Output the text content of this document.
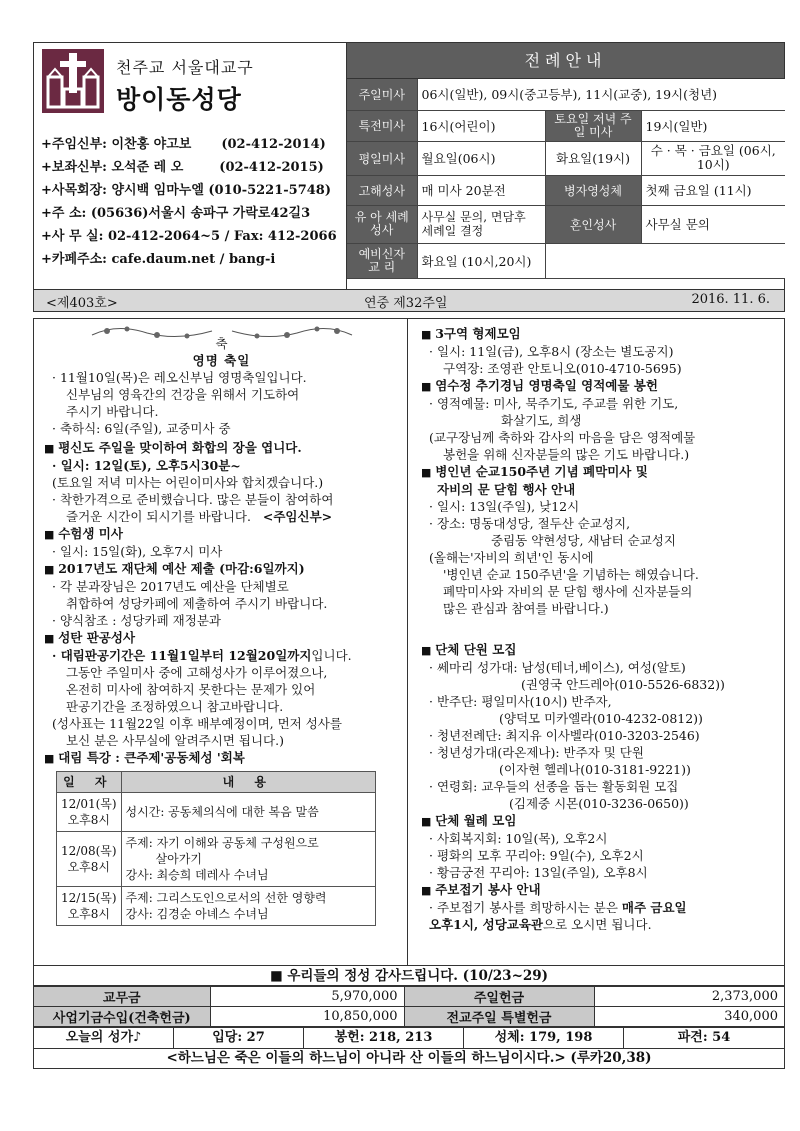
천주교 서울대교구
방이동성당
+주임신부: 이찬홍 야고보 (02-412-2014)
+보좌신부: 오석준 레 오	(02-412-2015)
+사목회장: 양시백 임마누엘 (010-5221-5748)
+주 소: (05636)서울시 송파구 가락로42길3
+사 무 실: 02-412-2064~5 / Fax: 412-2066
+카페주소: cafe.daum.net / bang-i
전례안내
주일미사	06시(일반), 09시(중고등부), 11시(교중), 19시(청년)		
특전미사	16시(어린이)	토요일 저녁 주일 미사	19시(일반)
평일미사	월요일(06시)	화요일(19시)	수 · 목 · 금요일 (06시, 10시)
고해성사	매 미사 20분전	병자영성체	첫째 금요일 (11시)
유 아 세례성사	사무실 문의, 면담후 세례일 결정	혼인성사	사무실 문의
예비신자 교 리	화요일 (10시,20시)		
<제403호>	연중 제32주일	2016. 11. 6.
축
영명 축일
· 11월10일(목)은 레오신부님 영명축일입니다.
신부님의 영육간의 건강을 위해서 기도하여
주시기 바랍니다.
· 축하식: 6일(주일), 교중미사 중
■ 평신도 주일을 맞이하여 화합의 장을 엽니다.
· 일시: 12일(토), 오후5시30분~
(토요일 저녁 미사는 어린이미사와 합치겠습니다.)
· 착한가격으로 준비했습니다. 많은 분들이 참여하여
즐거운 시간이 되시기를 바랍니다. <주임신부>
■ 수험생 미사
· 일시: 15일(화), 오후7시 미사
■ 2017년도 재단체 예산 제출 (마감:6일까지)
· 각 분과장님은 2017년도 예산을 단체별로
취합하여 성당카페에 제출하여 주시기 바랍니다.
· 양식참조 : 성당카페 재정분과
■ 성탄 판공성사
· 대림판공기간은 11월1일부터 12월20일까지입니다.
그동안 주일미사 중에 고해성사가 이루어졌으나,
온전히 미사에 참여하지 못한다는 문제가 있어
판공기간을 조정하였으니 참고바랍니다.
(성사표는 11월22일 이후 배부예정이며, 먼저 성사를
보신 분은 사무실에 알려주시면 됩니다.)
■ 대림 특강 : 큰주제'공동체성 '회복
일 자	내 용
12/01(목) 오후8시	성시간: 공동체의식에 대한 복음 말씀

12/08(목) 오후8시	주제: 자기 이해와 공동체 구성원으로
살아가기
강사: 최승희 데레사 수녀님

12/15(목) 오후8시	주제: 그리스도인으로서의 선한 영향력
강사: 김경순 아녜스 수녀님
■ 3구역 형제모임
· 일시: 11일(금), 오후8시 (장소는 별도공지)
구역장: 조영관 안토니오(010-4710-5695)
■ 염수정 추기경님 영명축일 영적예물 봉헌
· 영적예물: 미사, 묵주기도, 주교를 위한 기도,
화살기도, 희생
(교구장님께 축하와 감사의 마음을 담은 영적예물
봉헌을 위해 신자분들의 많은 기도 바랍니다.)
■ 병인년 순교150주년 기념 폐막미사 및
자비의 문 닫힘 행사 안내
· 일시: 13일(주일), 낮12시
· 장소: 명동대성당, 절두산 순교성지,
중림동 약현성당, 새남터 순교성지
(올해는'자비의 희년'인 동시에
'병인년 순교 150주년'을 기념하는 해였습니다.
폐막미사와 자비의 문 닫힘 행사에 신자분들의
많은 관심과 참여를 바랍니다.)
■ 단체 단원 모집
· 쎄마리 성가대: 남성(테너,베이스), 여성(알토)
(권영국 안드레아(010-5526-6832))
· 반주단: 평일미사(10시) 반주자,
(양덕모 미카엘라(010-4232-0812))
· 청년전례단: 최지유 이사벨라(010-3203-2546)
· 청년성가대(라온제나): 반주자 및 단원
(이자현 헬레나(010-3181-9221))
· 연령회: 교우들의 선종을 돕는 활동회원 모집
(김제중 시몬(010-3236-0650))
■ 단체 월례 모임
· 사회복지회: 10일(목), 오후2시
· 평화의 모후 꾸리아: 9일(수), 오후2시
· 황금궁전 꾸리아: 13일(주일), 오후8시
■ 주보접기 봉사 안내
· 주보접기 봉사를 희망하시는 분은 매주 금요일
오후1시, 성당교육관으로 오시면 됩니다.
■ 우리들의 정성 감사드립니다. (10/23~29)
교무금	5,970,000	주일헌금	2,373,000
사업기금수입(건축헌금)	10,850,000	전교주일 특별헌금	340,000
오늘의 성가♪	입당: 27	봉헌: 218, 213	성체: 179, 198	파견: 54
<하느님은 죽은 이들의 하느님이 아니라 산 이들의 하느님이시다.> (루카20,38)
